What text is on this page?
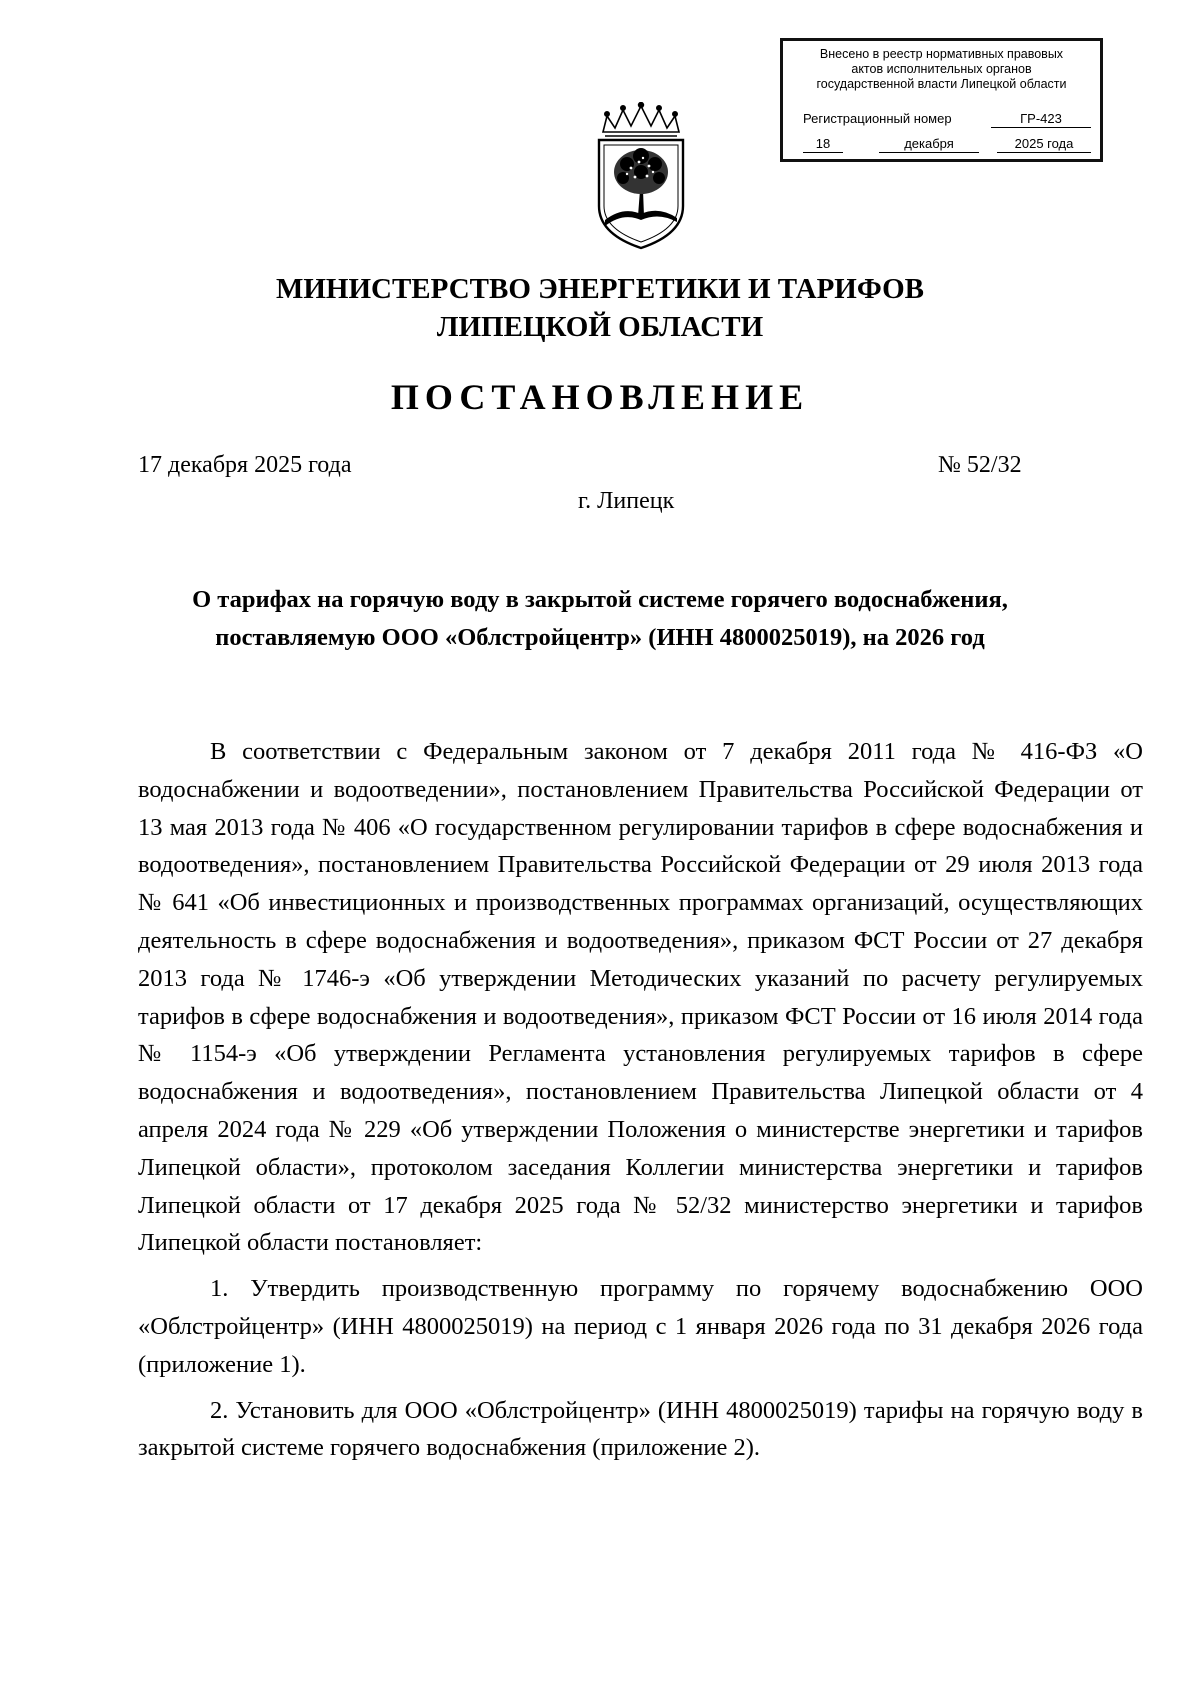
Внесено в реестр нормативных правовых
актов исполнительных органов
государственной власти Липецкой области
Регистрационный номер	ГР-423
18	декабря	2025 года
МИНИСТЕРСТВО ЭНЕРГЕТИКИ И ТАРИФОВ
ЛИПЕЦКОЙ ОБЛАСТИ
ПОСТАНОВЛЕНИЕ
17 декабря 2025 года	№ 52/32
г. Липецк
О тарифах на горячую воду в закрытой системе горячего водоснабжения,
поставляемую ООО «Облстройцентр» (ИНН 4800025019), на 2026 год

В соответствии с Федеральным законом от 7 декабря 2011 года № 416-ФЗ «О водоснабжении и водоотведении», постановлением Правительства Российской Федерации от 13 мая 2013 года № 406 «О государственном регулировании тарифов в сфере водоснабжения и водоотведения», постановлением Правительства Российской Федерации от 29 июля 2013 года № 641 «Об инвестиционных и производственных программах организаций, осуществляющих деятельность в сфере водоснабжения и водоотведения», приказом ФСТ России от 27 декабря 2013 года № 1746-э «Об утверждении Методических указаний по расчету регулируемых тарифов в сфере водоснабжения и водоотведения», приказом ФСТ России от 16 июля 2014 года № 1154-э «Об утверждении Регламента установления регулируемых тарифов в сфере водоснабжения и водоотведения», постановлением Правительства Липецкой области от 4 апреля 2024 года № 229 «Об утверждении Положения о министерстве энергетики и тарифов Липецкой области», протоколом заседания Коллегии министерства энергетики и тарифов Липецкой области от 17 декабря 2025 года № 52/32 министерство энергетики и тарифов Липецкой области постановляет:

1. Утвердить производственную программу по горячему водоснабжению ООО «Облстройцентр» (ИНН 4800025019) на период с 1 января 2026 года по 31 декабря 2026 года (приложение 1).

2. Установить для ООО «Облстройцентр» (ИНН 4800025019) тарифы на горячую воду в закрытой системе горячего водоснабжения (приложение 2).
